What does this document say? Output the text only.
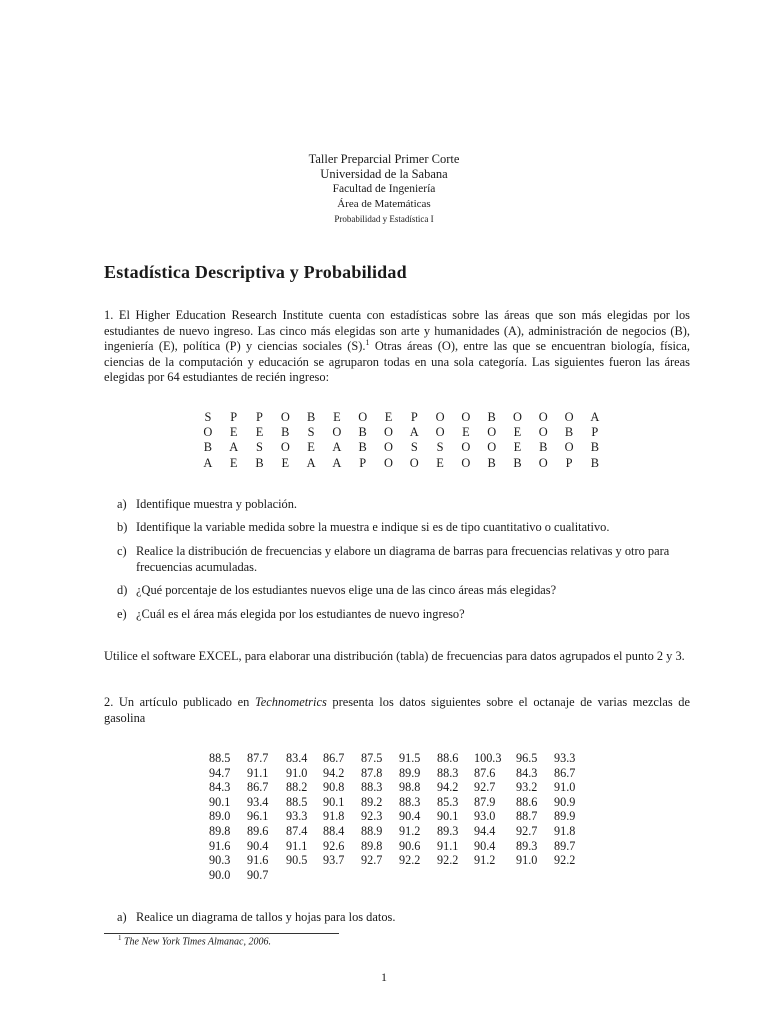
Taller Preparcial Primer Corte
Universidad de la Sabana
Facultad de Ingeniería
Área de Matemáticas
Probabilidad y Estadística I
Estadística Descriptiva y Probabilidad
1. El Higher Education Research Institute cuenta con estadísticas sobre las áreas que son más elegidas por los estudiantes de nuevo ingreso. Las cinco más elegidas son arte y humanidades (A), administración de negocios (B), ingeniería (E), política (P) y ciencias sociales (S).$^1$ Otras áreas (O), entre las que se encuentran biología, física, ciencias de la computación y educación se agruparon todas en una sola categoría. Las siguientes fueron las áreas elegidas por 64 estudiantes de recién ingreso:
S	P	P	O	B	E	O	E	P	O	O	B	O	O	O	A
O	E	E	B	S	O	B	O	A	O	E	O	E	O	B	P
B	A	S	O	E	A	B	O	S	S	O	O	E	B	O	B
A	E	B	E	A	A	P	O	O	E	O	B	B	O	P	B
a) Identifique muestra y población.
b) Identifique la variable medida sobre la muestra e indique si es de tipo cuantitativo o cualitativo.
c) Realice la distribución de frecuencias y elabore un diagrama de barras para frecuencias relativas y otro para frecuencias acumuladas.
d) ¿Qué porcentaje de los estudiantes nuevos elige una de las cinco áreas más elegidas?
e) ¿Cuál es el área más elegida por los estudiantes de nuevo ingreso?
Utilice el software EXCEL, para elaborar una distribución (tabla) de frecuencias para datos agrupados el punto 2 y 3.
2. Un artículo publicado en Technometrics presenta los datos siguientes sobre el octanaje de varias mezclas de gasolina
88.5	87.7	83.4	86.7	87.5	91.5	88.6	100.3	96.5	93.3
94.7	91.1	91.0	94.2	87.8	89.9	88.3	87.6	84.3	86.7
84.3	86.7	88.2	90.8	88.3	98.8	94.2	92.7	93.2	91.0
90.1	93.4	88.5	90.1	89.2	88.3	85.3	87.9	88.6	90.9
89.0	96.1	93.3	91.8	92.3	90.4	90.1	93.0	88.7	89.9
89.8	89.6	87.4	88.4	88.9	91.2	89.3	94.4	92.7	91.8
91.6	90.4	91.1	92.6	89.8	90.6	91.1	90.4	89.3	89.7
90.3	91.6	90.5	93.7	92.7	92.2	92.2	91.2	91.0	92.2
90.0	90.7
a) Realice un diagrama de tallos y hojas para los datos.
$^1$ The New York Times Almanac, 2006.
1
